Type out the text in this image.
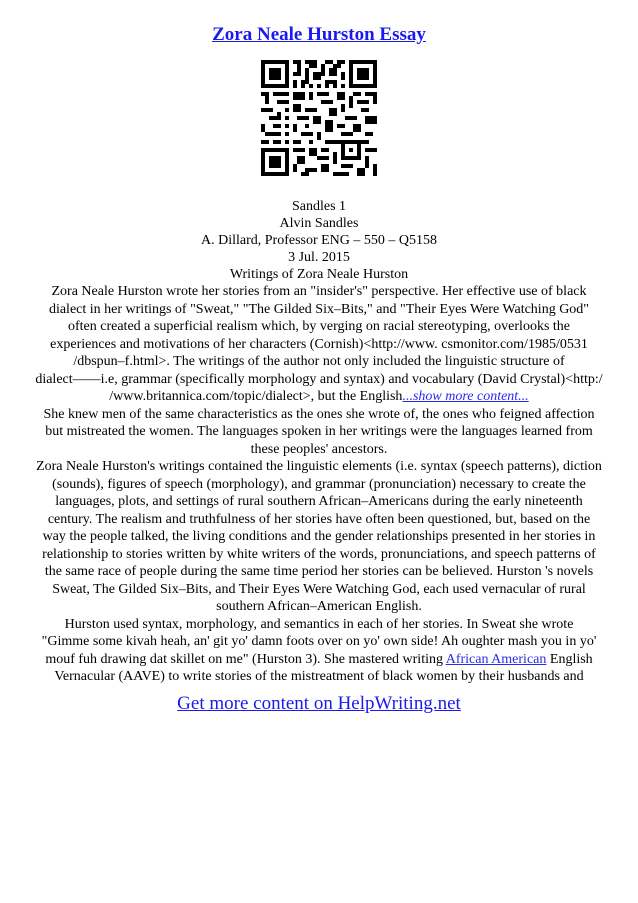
Zora Neale Hurston Essay
Sandles 1
Alvin Sandles
A. Dillard, Professor ENG – 550 – Q5158
3 Jul. 2015
Writings of Zora Neale Hurston
Zora Neale Hurston wrote her stories from an "insider's" perspective. Her effective use of black
dialect in her writings of "Sweat," "The Gilded Six–Bits," and "Their Eyes Were Watching God"
often created a superficial realism which, by verging on racial stereotyping, overlooks the
experiences and motivations of her characters (Cornish)<http://www. csmonitor.com/1985/0531
/dbspun–f.html>. The writings of the author not only included the linguistic structure of
dialect——i.e, grammar (specifically morphology and syntax) and vocabulary (David Crystal)<http:/
/www.britannica.com/topic/dialect>, but the English...show more content...
She knew men of the same characteristics as the ones she wrote of, the ones who feigned affection
but mistreated the women. The languages spoken in her writings were the languages learned from
these peoples' ancestors.
Zora Neale Hurston's writings contained the linguistic elements (i.e. syntax (speech patterns), diction
(sounds), figures of speech (morphology), and grammar (pronunciation) necessary to create the
languages, plots, and settings of rural southern African–Americans during the early nineteenth
century. The realism and truthfulness of her stories have often been questioned, but, based on the
way the people talked, the living conditions and the gender relationships presented in her stories in
relationship to stories written by white writers of the words, pronunciations, and speech patterns of
the same race of people during the same time period her stories can be believed. Hurston 's novels
Sweat, The Gilded Six–Bits, and Their Eyes Were Watching God, each used vernacular of rural
southern African–American English.
Hurston used syntax, morphology, and semantics in each of her stories. In Sweat she wrote
"Gimme some kivah heah, an' git yo' damn foots over on yo' own side! Ah oughter mash you in yo'
mouf fuh drawing dat skillet on me" (Hurston 3). She mastered writing African American English
Vernacular (AAVE) to write stories of the mistreatment of black women by their husbands and
Get more content on HelpWriting.net
